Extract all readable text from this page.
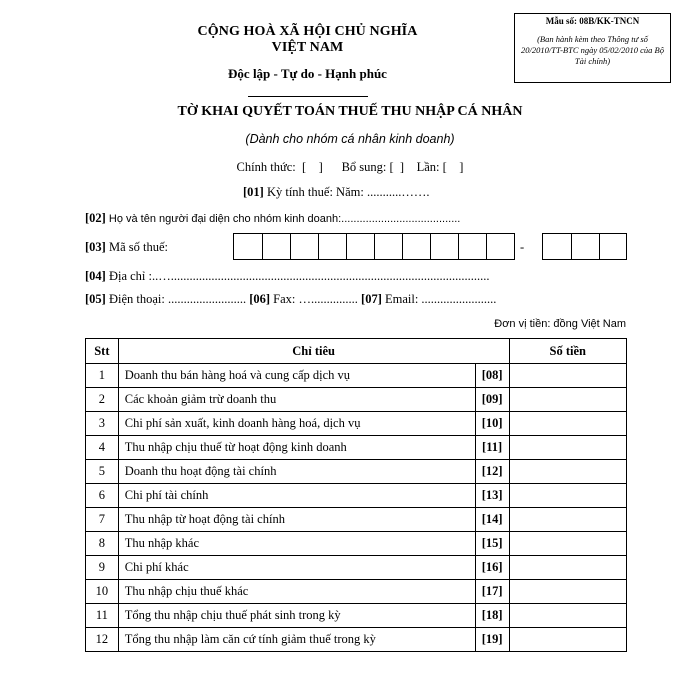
CỘNG HOÀ XÃ HỘI CHỦ NGHĨA VIỆT NAM
Độc lập - Tự do - Hạnh phúc
Mẫu số: 08B/KK-TNCN
(Ban hành kèm theo Thông tư số 20/2010/TT-BTC ngày 05/02/2010 của Bộ Tài chính)
TỜ KHAI QUYẾT TOÁN THUẾ THU NHẬP CÁ NHÂN
(Dành cho nhóm cá nhân kinh doanh)
Chính thức:  [    ]      Bổ sung: [  ]    Lần: [    ]
[01] Kỳ tính thuế: Năm: ...........…….
[02] Họ và tên người đại diện cho nhóm kinh doanh:.......................................
[03] Mã số thuế:	-
[04] Địa chỉ :..…......................................................................................................
[05] Điện thoại: ......................... [06] Fax: …............... [07] Email: ........................
Đơn vị tiền: đồng Việt Nam
Stt	Chỉ tiêu		Số tiền
1	Doanh thu bán hàng hoá và cung cấp dịch vụ	[08]	
2	Các khoản giảm trừ doanh thu	[09]	
3	Chi phí sản xuất, kinh doanh hàng hoá, dịch vụ	[10]	
4	Thu nhập chịu thuế từ hoạt động kinh doanh	[11]	
5	Doanh thu hoạt động tài chính	[12]	
6	Chi phí tài chính	[13]	
7	Thu nhập từ hoạt động tài chính	[14]	
8	Thu nhập khác	[15]	
9	Chi phí khác	[16]	
10	Thu nhập chịu thuế khác	[17]	
11	Tổng thu nhập chịu thuế phát sinh trong kỳ	[18]	
12	Tổng thu nhập làm căn cứ tính giảm thuế trong kỳ	[19]	
